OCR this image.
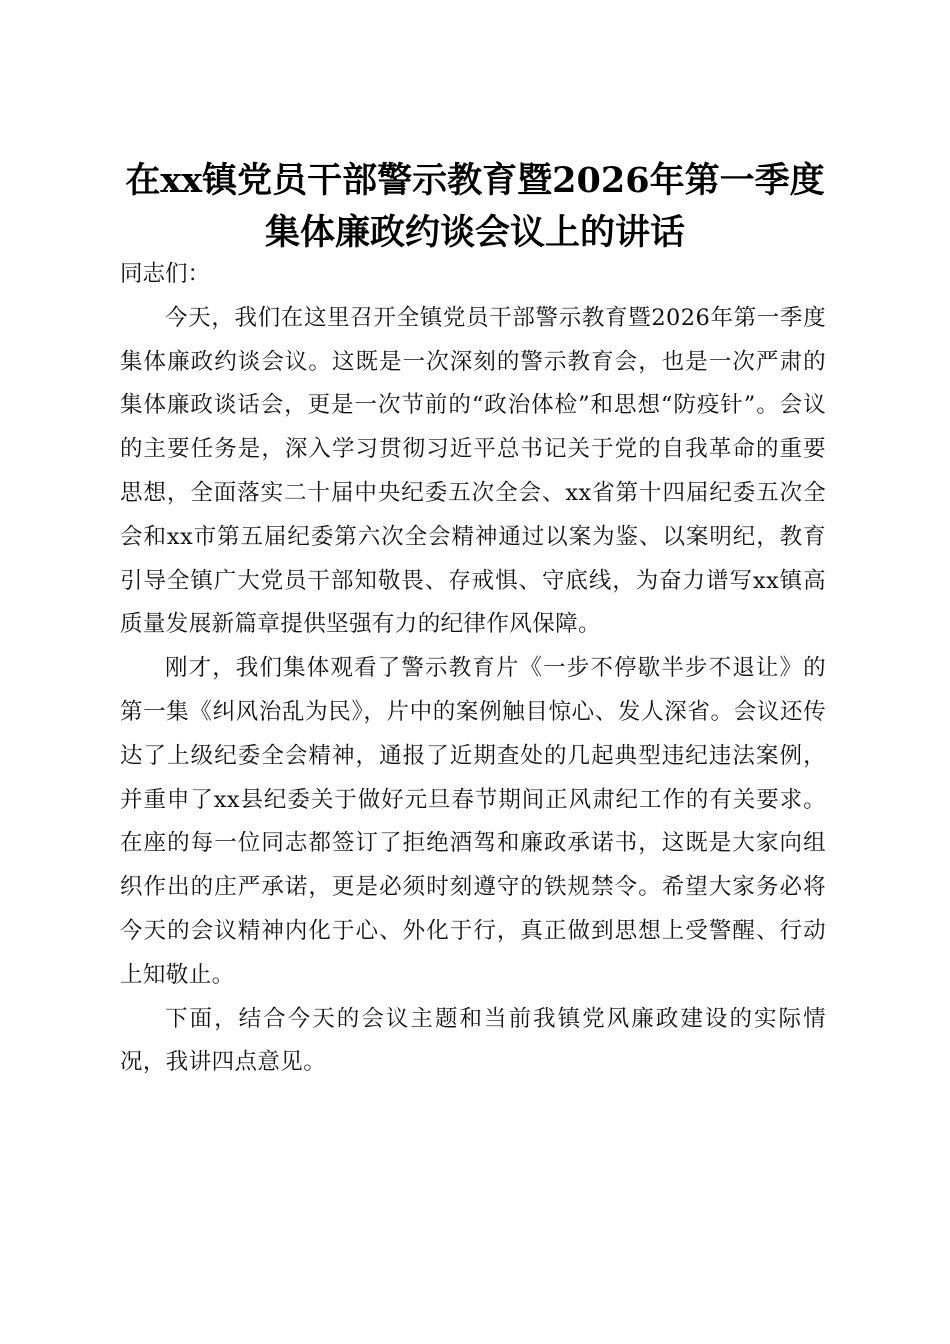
在xx镇党员干部警示教育暨2026年第一季度
集体廉政约谈会议上的讲话

同志们：

今天，我们在这里召开全镇党员干部警示教育暨2026年第一季度集体廉政约谈会议。这既是一次深刻的警示教育会，也是一次严肃的集体廉政谈话会，更是一次节前的“政治体检”和思想“防疫针”。会议的主要任务是，深入学习贯彻习近平总书记关于党的自我革命的重要思想，全面落实二十届中央纪委五次全会、xx省第十四届纪委五次全会和xx市第五届纪委第六次全会精神通过以案为鉴、以案明纪，教育引导全镇广大党员干部知敬畏、存戒惧、守底线，为奋力谱写xx镇高质量发展新篇章提供坚强有力的纪律作风保障。

刚才，我们集体观看了警示教育片《一步不停歇半步不退让》的第一集《纠风治乱为民》，片中的案例触目惊心、发人深省。会议还传达了上级纪委全会精神，通报了近期查处的几起典型违纪违法案例，并重申了xx县纪委关于做好元旦春节期间正风肃纪工作的有关要求。在座的每一位同志都签订了拒绝酒驾和廉政承诺书，这既是大家向组织作出的庄严承诺，更是必须时刻遵守的铁规禁令。希望大家务必将今天的会议精神内化于心、外化于行，真正做到思想上受警醒、行动上知敬止。

下面，结合今天的会议主题和当前我镇党风廉政建设的实际情况，我讲四点意见。
